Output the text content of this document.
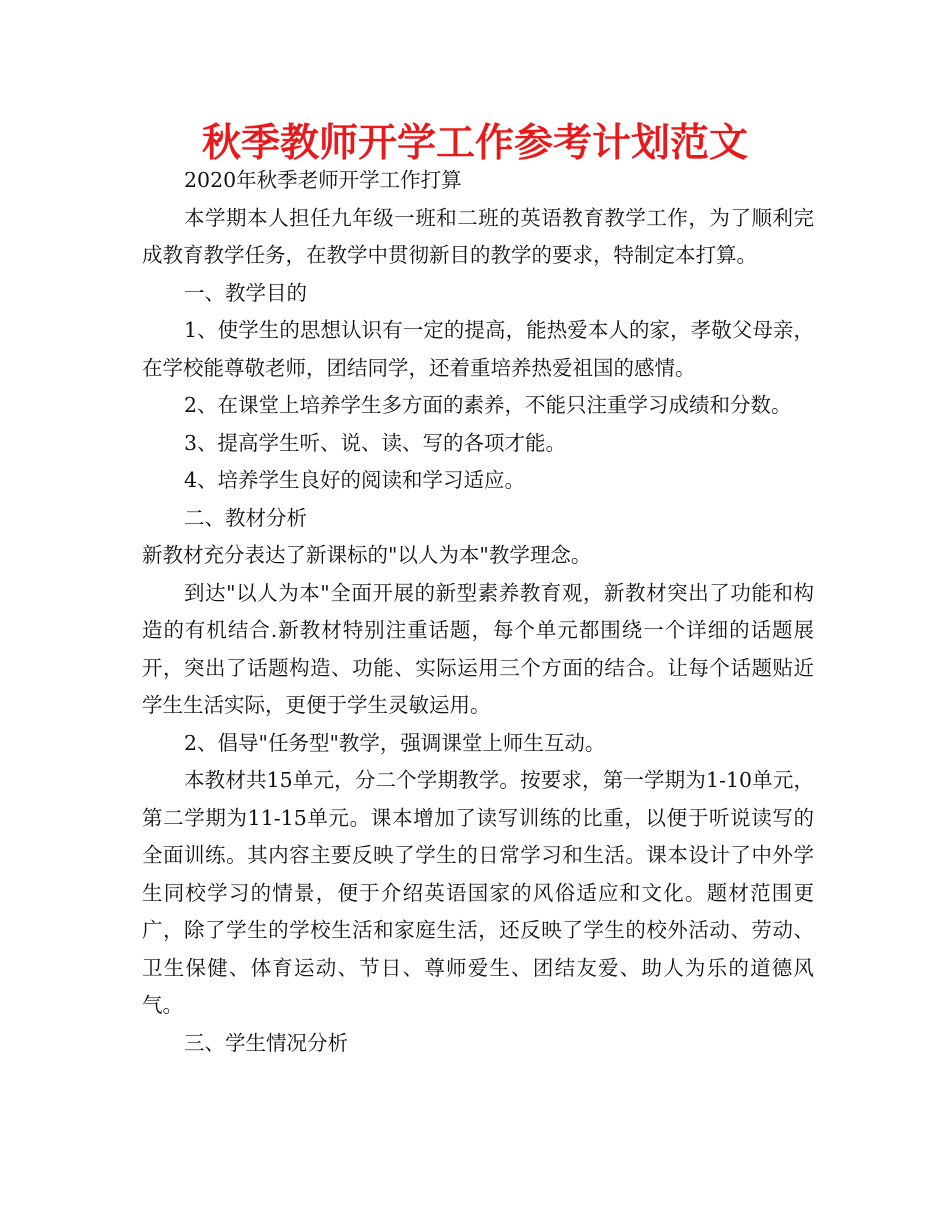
秋季教师开学工作参考计划范文

2020年秋季老师开学工作打算

本学期本人担任九年级一班和二班的英语教育教学工作，为了顺利完成教育教学任务，在教学中贯彻新目的教学的要求，特制定本打算。

一、教学目的

1、使学生的思想认识有一定的提高，能热爱本人的家，孝敬父母亲，在学校能尊敬老师，团结同学，还着重培养热爱祖国的感情。

2、在课堂上培养学生多方面的素养，不能只注重学习成绩和分数。

3、提高学生听、说、读、写的各项才能。

4、培养学生良好的阅读和学习适应。

二、教材分析

新教材充分表达了新课标的"以人为本"教学理念。

到达"以人为本"全面开展的新型素养教育观，新教材突出了功能和构造的有机结合.新教材特别注重话题，每个单元都围绕一个详细的话题展开，突出了话题构造、功能、实际运用三个方面的结合。让每个话题贴近学生生活实际，更便于学生灵敏运用。

2、倡导"任务型"教学，强调课堂上师生互动。

本教材共15单元，分二个学期教学。按要求，第一学期为1-10单元，第二学期为11-15单元。课本增加了读写训练的比重，以便于听说读写的全面训练。其内容主要反映了学生的日常学习和生活。课本设计了中外学生同校学习的情景，便于介绍英语国家的风俗适应和文化。题材范围更广，除了学生的学校生活和家庭生活，还反映了学生的校外活动、劳动、卫生保健、体育运动、节日、尊师爱生、团结友爱、助人为乐的道德风气。

三、学生情况分析
